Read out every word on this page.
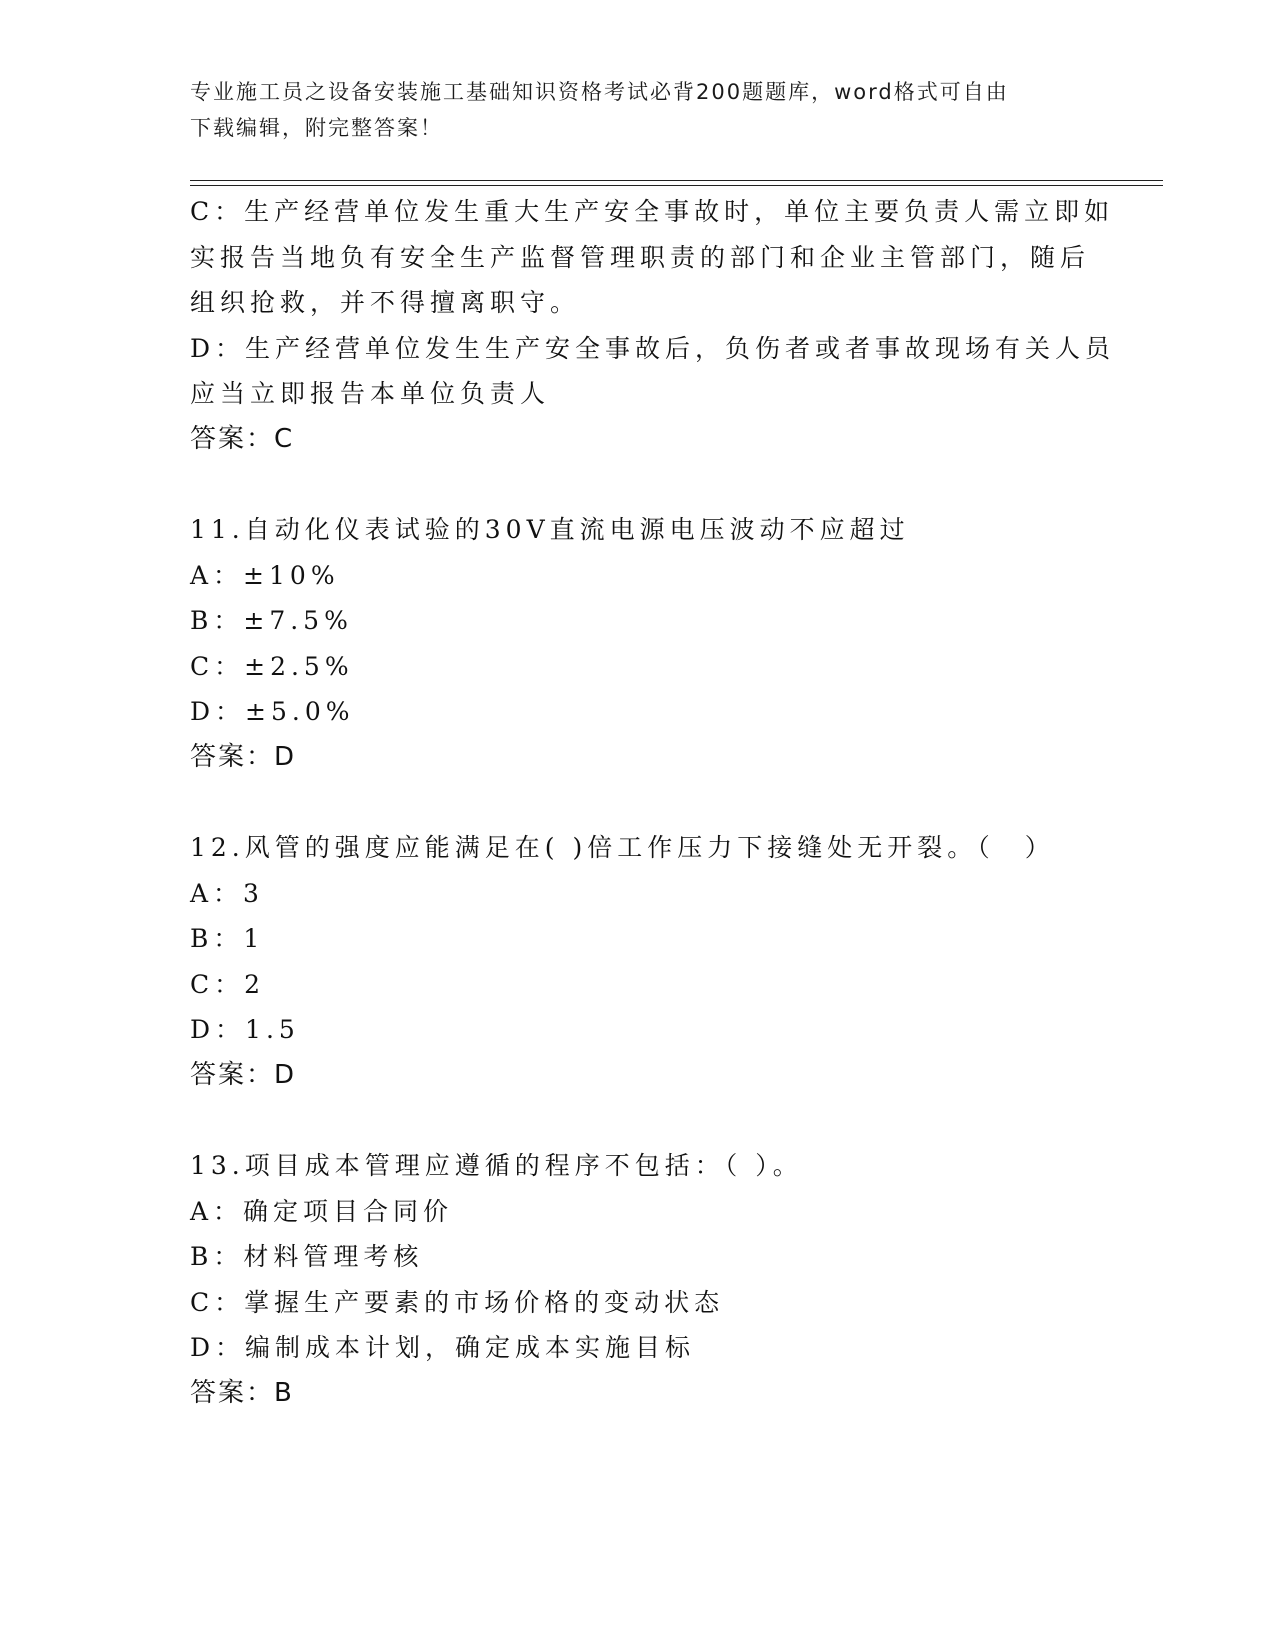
专业施工员之设备安装施工基础知识资格考试必背200题题库，word格式可自由
下载编辑，附完整答案！
C：生产经营单位发生重大生产安全事故时，单位主要负责人需立即如
实报告当地负有安全生产监督管理职责的部门和企业主管部门，随后
组织抢救，并不得擅离职守。
D：生产经营单位发生生产安全事故后，负伤者或者事故现场有关人员
应当立即报告本单位负责人
答案：C
11.自动化仪表试验的30V直流电源电压波动不应超过
A：±10%
B：±7.5%
C：±2.5%
D：±5.0%
答案：D
12.风管的强度应能满足在( )倍工作压力下接缝处无开裂。（　）
A：3
B：1
C：2
D：1.5
答案：D
13.项目成本管理应遵循的程序不包括：（ ）。
A：确定项目合同价
B：材料管理考核
C：掌握生产要素的市场价格的变动状态
D：编制成本计划，确定成本实施目标
答案：B
